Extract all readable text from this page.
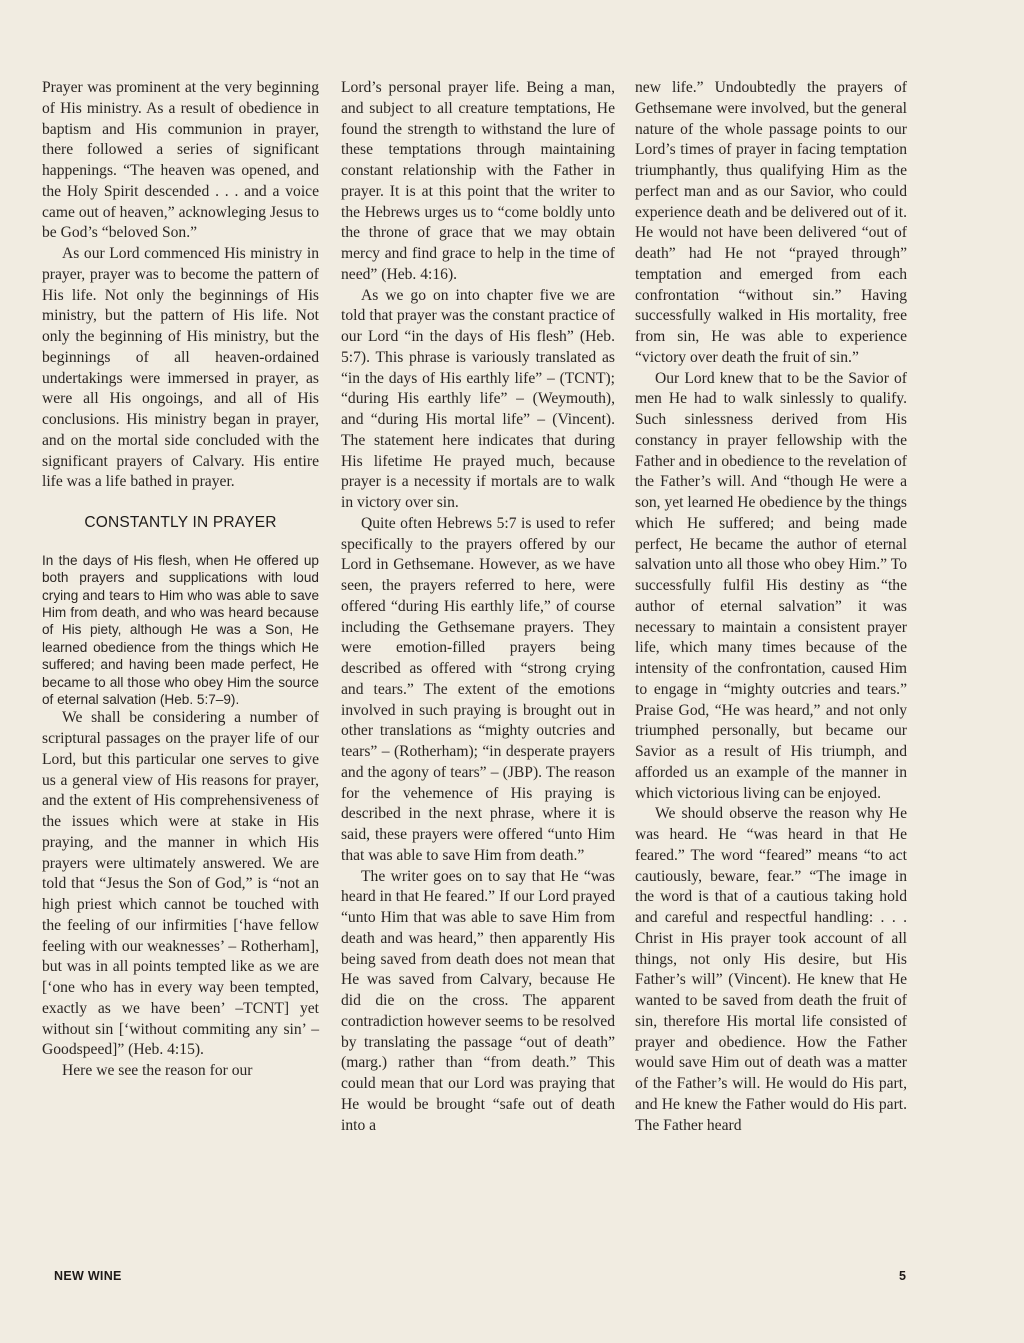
Prayer was prominent at the very beginning of His ministry. As a result of obedience in baptism and His communion in prayer, there followed a series of significant happenings. “The heaven was opened, and the Holy Spirit descended . . . and a voice came out of heaven,” acknowleging Jesus to be God’s “beloved Son.”

As our Lord commenced His ministry in prayer, prayer was to become the pattern of His life. Not only the beginnings of His ministry, but the pattern of His life. Not only the beginning of His ministry, but the beginnings of all heaven-ordained undertakings were immersed in prayer, as were all His ongoings, and all of His conclusions. His ministry began in prayer, and on the mortal side concluded with the significant prayers of Calvary. His entire life was a life bathed in prayer.

CONSTANTLY IN PRAYER

In the days of His flesh, when He offered up both prayers and supplications with loud crying and tears to Him who was able to save Him from death, and who was heard because of His piety, although He was a Son, He learned obedience from the things which He suffered; and having been made perfect, He became to all those who obey Him the source of eternal salvation (Heb. 5:7–9).

We shall be considering a number of scriptural passages on the prayer life of our Lord, but this particular one serves to give us a general view of His reasons for prayer, and the extent of His comprehensiveness of the issues which were at stake in His praying, and the manner in which His prayers were ultimately answered. We are told that “Jesus the Son of God,” is “not an high priest which cannot be touched with the feeling of our infirmities [‘have fellow feeling with our weaknesses’ – Rotherham], but was in all points tempted like as we are [‘one who has in every way been tempted, exactly as we have been’ –TCNT] yet without sin [‘without commiting any sin’ – Goodspeed]” (Heb. 4:15).

Here we see the reason for our

Lord’s personal prayer life. Being a man, and subject to all creature temptations, He found the strength to withstand the lure of these temptations through maintaining constant relationship with the Father in prayer. It is at this point that the writer to the Hebrews urges us to “come boldly unto the throne of grace that we may obtain mercy and find grace to help in the time of need” (Heb. 4:16).

As we go on into chapter five we are told that prayer was the constant practice of our Lord “in the days of His flesh” (Heb. 5:7). This phrase is variously translated as “in the days of His earthly life” – (TCNT); “during His earthly life” – (Weymouth), and “during His mortal life” – (Vincent). The statement here indicates that during His lifetime He prayed much, because prayer is a necessity if mortals are to walk in victory over sin.

Quite often Hebrews 5:7 is used to refer specifically to the prayers offered by our Lord in Gethsemane. However, as we have seen, the prayers referred to here, were offered “during His earthly life,” of course including the Gethsemane prayers. They were emotion-filled prayers being described as offered with “strong crying and tears.” The extent of the emotions involved in such praying is brought out in other translations as “mighty outcries and tears” – (Rotherham); “in desperate prayers and the agony of tears” – (JBP). The reason for the vehemence of His praying is described in the next phrase, where it is said, these prayers were offered “unto Him that was able to save Him from death.”

The writer goes on to say that He “was heard in that He feared.” If our Lord prayed “unto Him that was able to save Him from death and was heard,” then apparently His being saved from death does not mean that He was saved from Calvary, because He did die on the cross. The apparent contradiction however seems to be resolved by translating the passage “out of death” (marg.) rather than “from death.” This could mean that our Lord was praying that He would be brought “safe out of death into a

new life.” Undoubtedly the prayers of Gethsemane were involved, but the general nature of the whole passage points to our Lord’s times of prayer in facing temptation triumphantly, thus qualifying Him as the perfect man and as our Savior, who could experience death and be delivered out of it. He would not have been delivered “out of death” had He not “prayed through” temptation and emerged from each confrontation “without sin.” Having successfully walked in His mortality, free from sin, He was able to experience “victory over death the fruit of sin.”

Our Lord knew that to be the Savior of men He had to walk sinlessly to qualify. Such sinlessness derived from His constancy in prayer fellowship with the Father and in obedience to the revelation of the Father’s will. And “though He were a son, yet learned He obedience by the things which He suffered; and being made perfect, He became the author of eternal salvation unto all those who obey Him.” To successfully fulfil His destiny as “the author of eternal salvation” it was necessary to maintain a consistent prayer life, which many times because of the intensity of the confrontation, caused Him to engage in “mighty outcries and tears.” Praise God, “He was heard,” and not only triumphed personally, but became our Savior as a result of His triumph, and afforded us an example of the manner in which victorious living can be enjoyed.

We should observe the reason why He was heard. He “was heard in that He feared.” The word “feared” means “to act cautiously, beware, fear.” “The image in the word is that of a cautious taking hold and careful and respectful handling: . . . Christ in His prayer took account of all things, not only His desire, but His Father’s will” (Vincent). He knew that He wanted to be saved from death the fruit of sin, therefore His mortal life consisted of prayer and obedience. How the Father would save Him out of death was a matter of the Father’s will. He would do His part, and He knew the Father would do His part. The Father heard

NEW WINE	5
